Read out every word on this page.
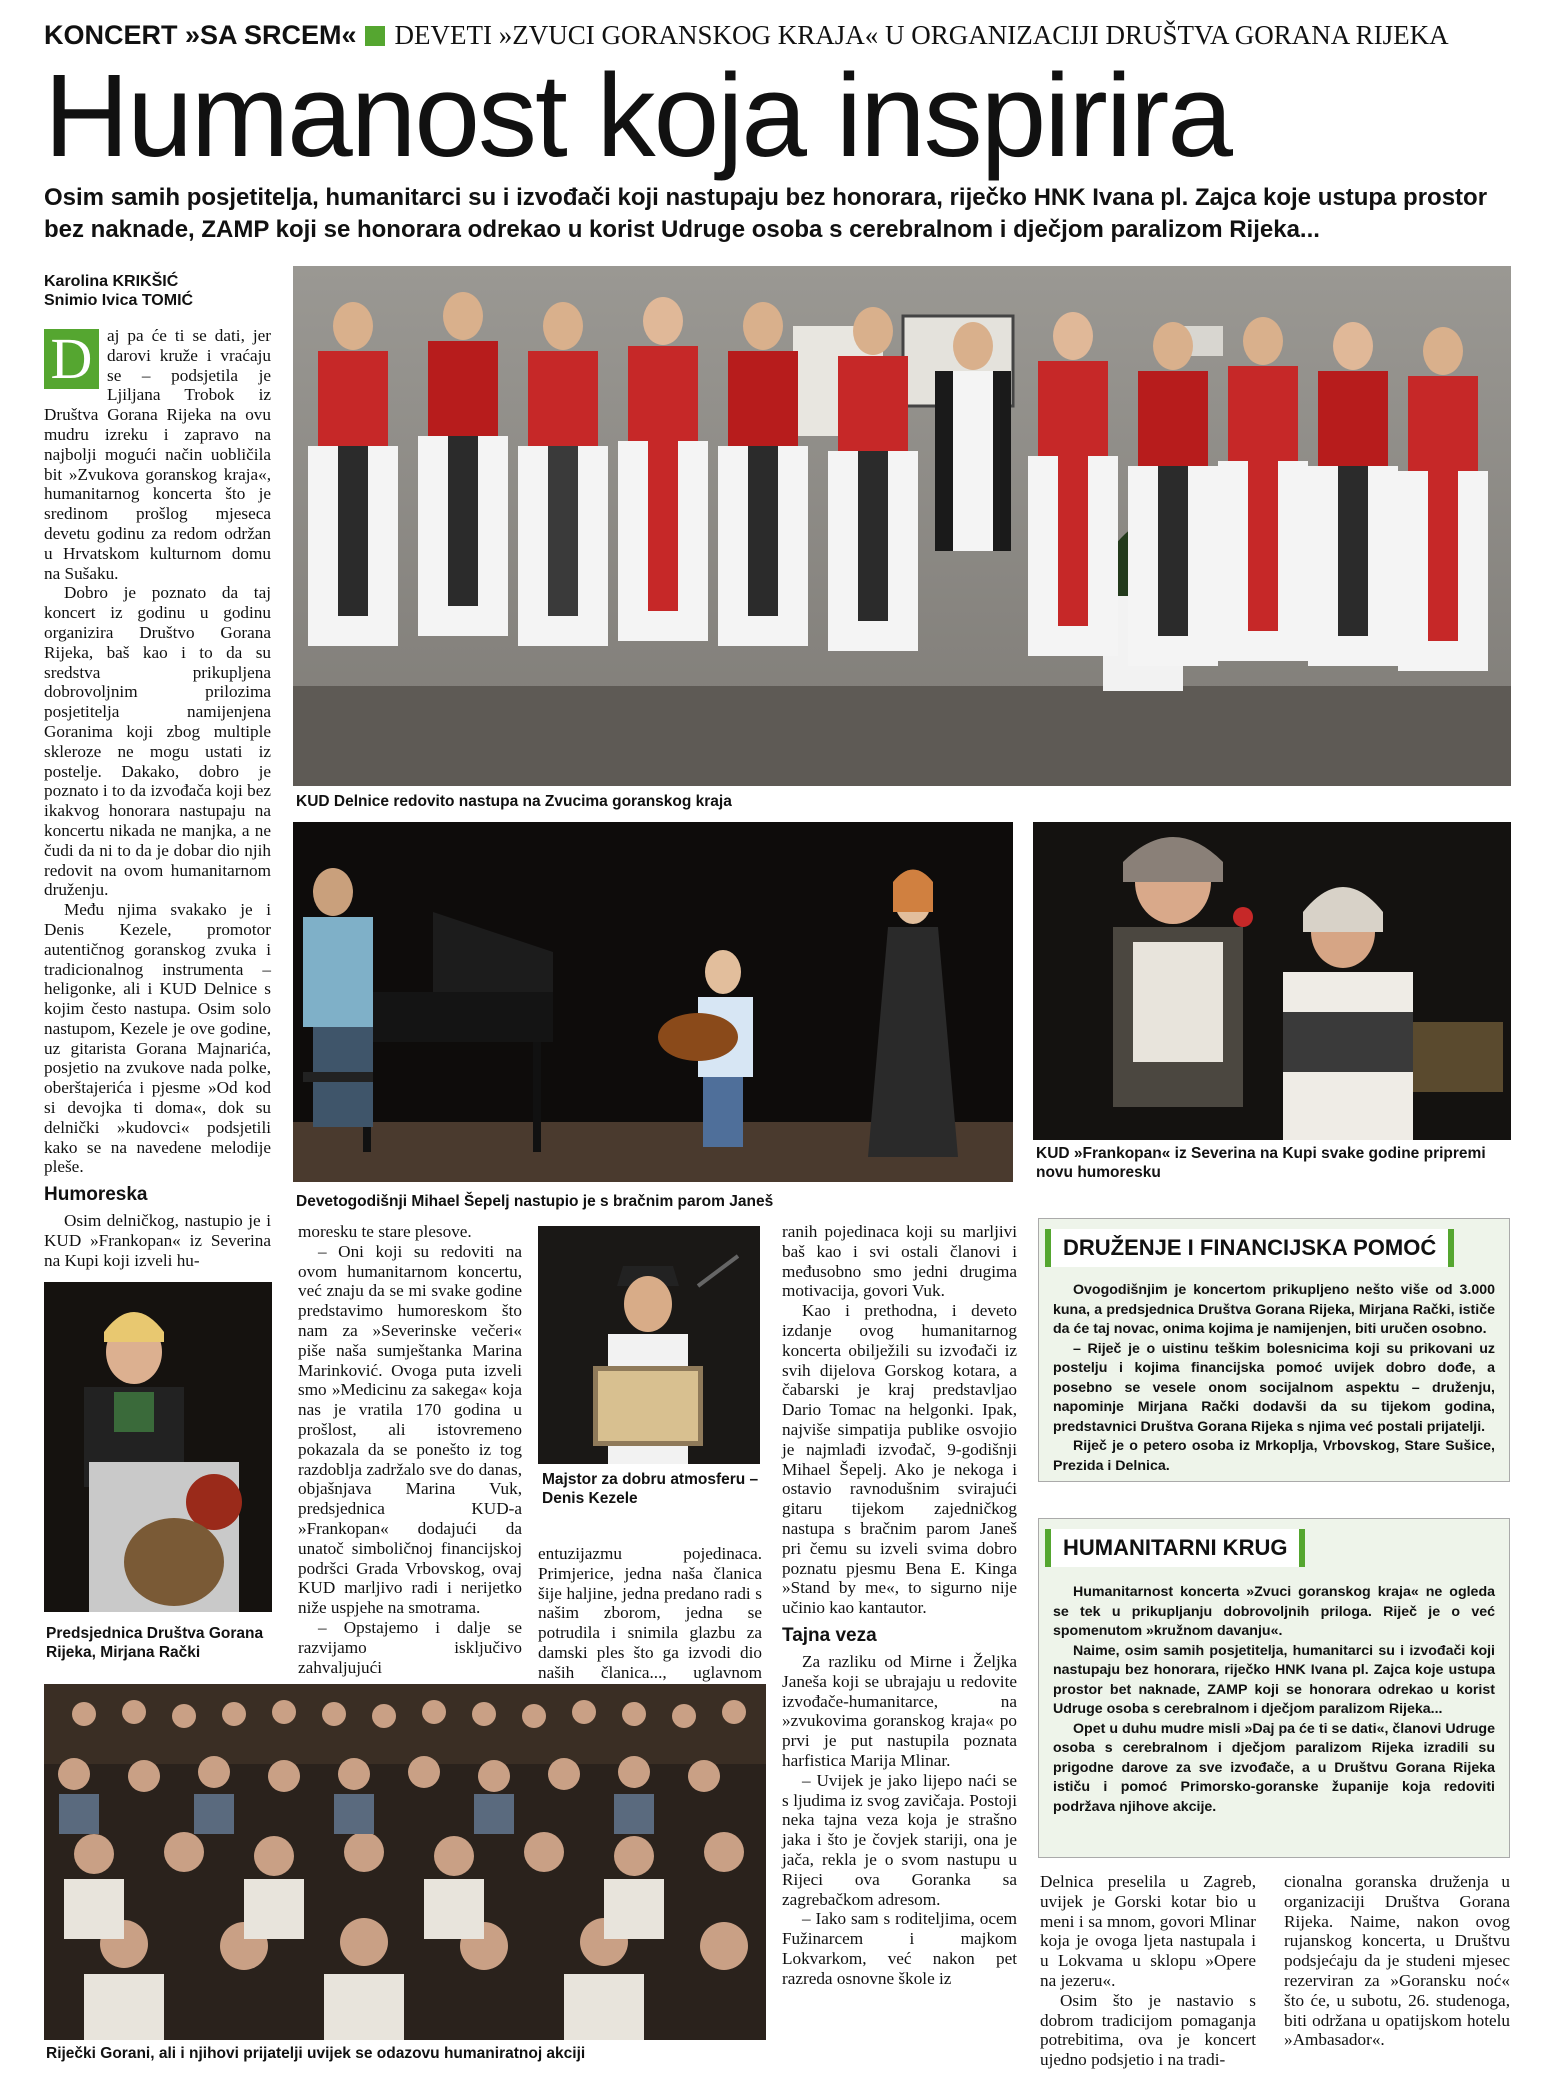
KONCERT »SA SRCEM« DEVETI »ZVUCI GORANSKOG KRAJA« U ORGANIZACIJI DRUŠTVA GORANA RIJEKA
Humanost koja inspirira
Osim samih posjetitelja, humanitarci su i izvođači koji nastupaju bez honorara, riječko HNK Ivana pl. Zajca koje ustupa prostor bez naknade, ZAMP koji se honorara odrekao u korist Udruge osoba s cerebralnom i dječjom paralizom Rijeka...
Karolina KRIKŠIĆ
Snimio Ivica TOMIĆ

D aj pa će ti se dati, jer darovi kruže i vraćaju se – podsjetila je Ljiljana Trobok iz Društva Gorana Rijeka na ovu mudru izreku i zapravo na najbolji mogući način uobličila bit »Zvukova goranskog kraja«, humanitarnog koncerta što je sredinom prošlog mjeseca devetu godinu za redom održan u Hrvatskom kulturnom domu na Sušaku.

Dobro je poznato da taj koncert iz godinu u godinu organizira Društvo Gorana Rijeka, baš kao i to da su sredstva prikupljena dobrovoljnim prilozima posjetitelja namijenjena Goranima koji zbog multiple skleroze ne mogu ustati iz postelje. Dakako, dobro je poznato i to da izvođača koji bez ikakvog honorara nastupaju na koncertu nikada ne manjka, a ne čudi da ni to da je dobar dio njih redovit na ovom humanitarnom druženju.

Među njima svakako je i Denis Kezele, promotor autentičnog goranskog zvuka i tradicionalnog instrumenta – heligonke, ali i KUD Delnice s kojim često nastupa. Osim solo nastupom, Kezele je ove godine, uz gitarista Gorana Majnarića, posjetio na zvukove nada polke, oberštajerića i pjesme »Od kod si devojka ti doma«, dok su delnički »kudovci« podsjetili kako se na navedene melodije pleše.

Humoreska

Osim delničkog, nastupio je i KUD »Frankopan« iz Severina na Kupi koji izveli hu-

KUD Delnice redovito nastupa na Zvucima goranskog kraja
Devetogodišnji Mihael Šepelj nastupio je s bračnim parom Janeš
KUD »Frankopan« iz Severina na Kupi svake godine pripremi novu humoresku
DRUŽENJE I FINANCIJSKA POMOĆ

Ovogodišnjim je koncertom prikupljeno nešto više od 3.000 kuna, a predsjednica Društva Gorana Rijeka, Mirjana Rački, ističe da će taj novac, onima kojima je namijenjen, biti uručen osobno.

– Riječ je o uistinu teškim bolesnicima koji su prikovani uz postelju i kojima financijska pomoć uvijek dobro dođe, a posebno se vesele onom socijalnom aspektu – druženju, napominje Mirjana Rački dodavši da su tijekom godina, predstavnici Društva Gorana Rijeka s njima već postali prijatelji.

Riječ je o petero osoba iz Mrkoplja, Vrbovskog, Stare Sušice, Prezida i Delnica.

HUMANITARNI KRUG

Humanitarnost koncerta »Zvuci goranskog kraja« ne ogleda se tek u prikupljanju dobrovoljnih priloga. Riječ je o već spomenutom »kružnom davanju«.

Naime, osim samih posjetitelja, humanitarci su i izvođači koji nastupaju bez honorara, riječko HNK Ivana pl. Zajca koje ustupa prostor bet naknade, ZAMP koji se honorara odrekao u korist Udruge osoba s cerebralnom i dječjom paralizom Rijeka...

Opet u duhu mudre misli »Daj pa će ti se dati«, članovi Udruge osoba s cerebralnom i dječjom paralizom Rijeka izradili su prigodne darove za sve izvođače, a u Društvu Gorana Rijeka ističu i pomoć Primorsko-goranske županije koja redoviti podržava njihove akcije.

moresku te stare plesove.

– Oni koji su redoviti na ovom humanitarnom koncertu, već znaju da se mi svake godine predstavimo humoreskom što nam za »Severinske večeri« piše naša sumještanka Marina Marinković. Ovoga puta izveli smo »Medicinu za sakega« koja nas je vratila 170 godina u prošlost, ali istovremeno pokazala da se ponešto iz tog razdoblja zadržalo sve do danas, objašnjava Marina Vuk, predsjednica KUD-a »Frankopan« dodajući da unatoč simboličnoj financijskoj podršci Grada Vrbovskog, ovaj KUD marljivo radi i nerijetko niže uspjehe na smotrama.

– Opstajemo i dalje se razvijamo isključivo zahvaljujući

Majstor za dobru atmosferu – Denis Kezele

entuzijazmu pojedinaca. Primjerice, jedna naša članica šije haljine, jedna predano radi s našim zborom, jedna se potrudila i snimila glazbu za damski ples što ga izvodi dio naših članica..., uglavnom

ranih pojedinaca koji su marljivi baš kao i svi ostali članovi i međusobno smo jedni drugima motivacija, govori Vuk.

Kao i prethodna, i deveto izdanje ovog humanitarnog koncerta obilježili su izvođači iz svih dijelova Gorskog kotara, a čabarski je kraj predstavljao Dario Tomac na helgonki. Ipak, najviše simpatija publike osvojio je najmlađi izvođač, 9-godišnji Mihael Šepelj. Ako je nekoga i ostavio ravnodušnim svirajući gitaru tijekom zajedničkog nastupa s bračnim parom Janeš pri čemu su izveli svima dobro poznatu pjesmu Bena E. Kinga »Stand by me«, to sigurno nije učinio kao kantautor.

Tajna veza

Za razliku od Mirne i Željka Janeša koji se ubrajaju u redovite izvođače-humanitarce, na »zvukovima goranskog kraja« po prvi je put nastupila poznata harfistica Marija Mlinar.

– Uvijek je jako lijepo naći se s ljudima iz svog zavičaja. Postoji neka tajna veza koja je strašno jaka i što je čovjek stariji, ona je jača, rekla je o svom nastupu u Rijeci ova Goranka sa zagrebačkom adresom.

– Iako sam s roditeljima, ocem Fužinarcem i majkom Lokvarkom, već nakon pet razreda osnovne škole iz

Predsjednica Društva Gorana Rijeka, Mirjana Rački
Riječki Gorani, ali i njihovi prijatelji uvijek se odazovu humaniratnoj akciji

Delnica preselila u Zagreb, uvijek je Gorski kotar bio u meni i sa mnom, govori Mlinar koja je ovoga ljeta nastupala i u Lokvama u sklopu »Opere na jezeru«.

Osim što je nastavio s dobrom tradicijom pomaganja potrebitima, ova je koncert ujedno podsjetio i na tradi-

cionalna goranska druženja u organizaciji Društva Gorana Rijeka. Naime, nakon ovog rujanskog koncerta, u Društvu podsjećaju da je studeni mjesec rezerviran za »Goransku noć« što će, u subotu, 26. studenoga, biti održana u opatijskom hotelu »Ambasador«.
